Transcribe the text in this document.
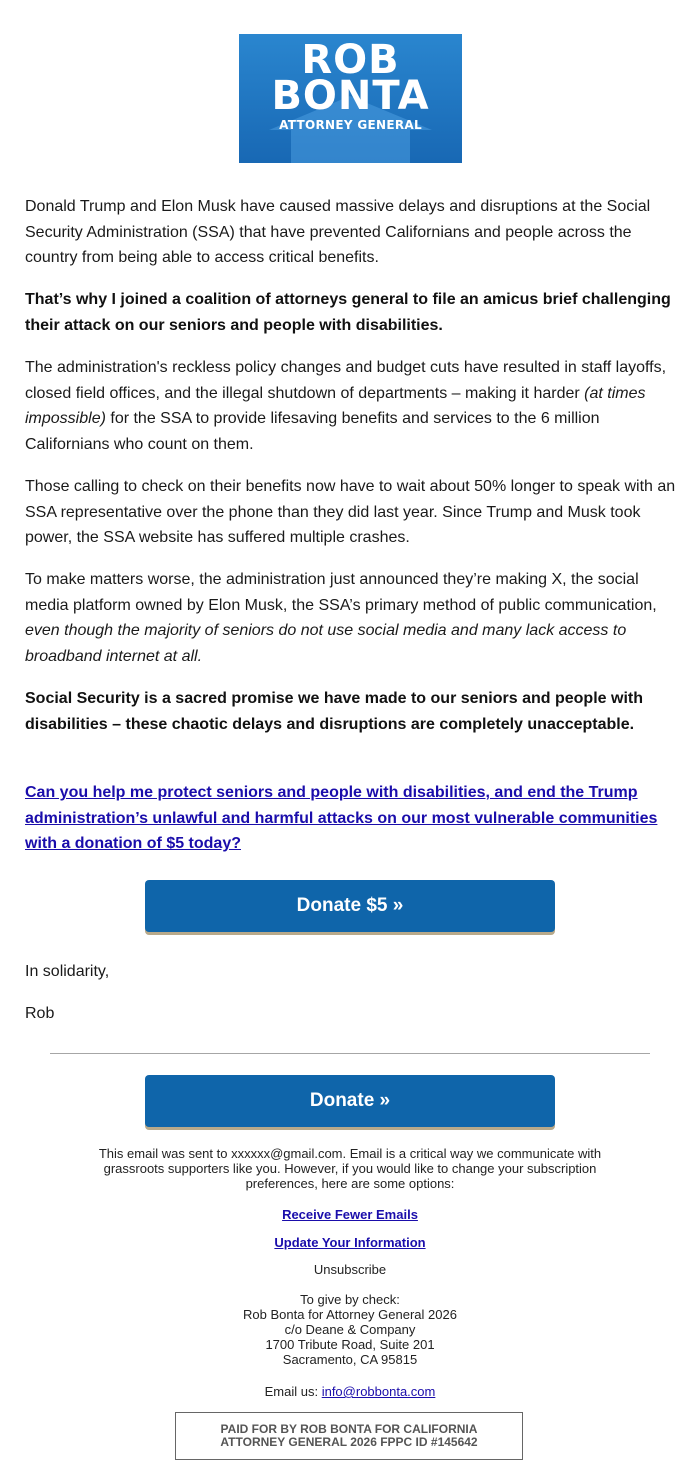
ROB
BONTA
ATTORNEY GENERAL

Donald Trump and Elon Musk have caused massive delays and disruptions at the Social Security Administration (SSA) that have prevented Californians and people across the country from being able to access critical benefits.

That’s why I joined a coalition of attorneys general to file an amicus brief challenging their attack on our seniors and people with disabilities.

The administration's reckless policy changes and budget cuts have resulted in staff layoffs, closed field offices, and the illegal shutdown of departments – making it harder (at times impossible) for the SSA to provide lifesaving benefits and services to the 6 million Californians who count on them.

Those calling to check on their benefits now have to wait about 50% longer to speak with an SSA representative over the phone than they did last year. Since Trump and Musk took power, the SSA website has suffered multiple crashes.

To make matters worse, the administration just announced they’re making X, the social media platform owned by Elon Musk, the SSA’s primary method of public communication, even though the majority of seniors do not use social media and many lack access to broadband internet at all.

Social Security is a sacred promise we have made to our seniors and people with disabilities – these chaotic delays and disruptions are completely unacceptable.

Can you help me protect seniors and people with disabilities, and end the Trump administration’s unlawful and harmful attacks on our most vulnerable communities with a donation of $5 today?
Donate $5 »

In solidarity,

Rob

Donate »
This email was sent to xxxxxx@gmail.com. Email is a critical way we communicate with grassroots supporters like you. However, if you would like to change your subscription preferences, here are some options:
Receive Fewer Emails
Update Your Information
Unsubscribe
To give by check:
Rob Bonta for Attorney General 2026
c/o Deane & Company
1700 Tribute Road, Suite 201
Sacramento, CA 95815
Email us: info@robbonta.com
PAID FOR BY ROB BONTA FOR CALIFORNIA
ATTORNEY GENERAL 2026 FPPC ID #145642
